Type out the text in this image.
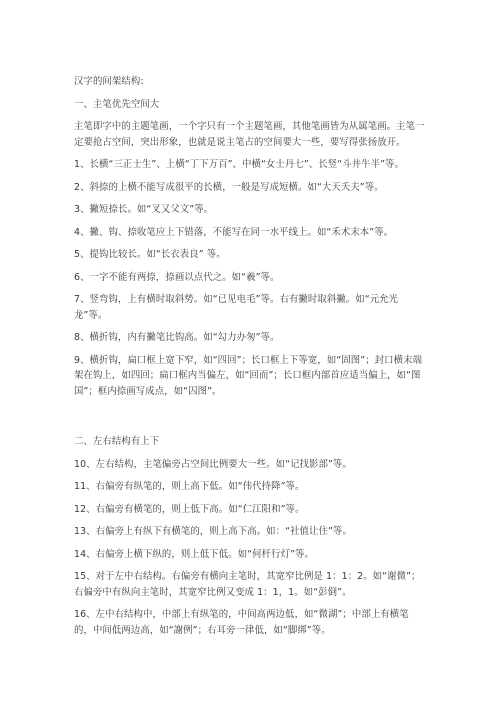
汉字的间架结构:

一、主笔优先空间大

主笔即字中的主题笔画，一个字只有一个主题笔画，其他笔画皆为从属笔画。主笔一定要抢占空间，突出形象，也就是说主笔占的空间要大一些，要写得张扬放开。

1、长横“三正士生”、上横“丁下万百”、中横“女士丹七”、长竖“斗井牛半”等。

2、斜捺的上横不能写成很平的长横，一般是写成短横。如“大天夭夫”等。

3、撇短捺长。如“叉又父文”等。

4、撇、钩、捺收笔应上下错落，不能写在同一水平线上。如“禾术末本”等。

5、提钩比较长。如“长衣表良” 等。

6、一字不能有两捺，捺画以点代之。如“羲”等。

7、竖弯钩，上有横时取斜势。如“已见电毛”等。右有撇时取斜撇。如“元允光龙”等。

8、横折钩，内有撇笔比钩高。如“勾力办匆”等。

9、横折钩，扁口框上宽下窄，如“四回”；长口框上下等宽，如“固图”；封口横末端架在钩上，如四回；扁口框内当偏左，如“回而”；长口框内部首应适当偏上，如“图国”；框内捺画写成点，如“囚图”。

二、左右结构有上下

10、左右结构，主笔偏旁占空间比例要大一些。如“记找影部”等。

11、右偏旁有纵笔的，则上高下低。如“伟代持降”等。

12、右偏旁有横笔的，则上低下高。如“仁江阳和”等。

13、右偏旁上有纵下有横笔的，则上高下高。如：“社值让住”等。

14、右偏旁上横下纵的，则上低下低。如“何杆行灯”等。

15、对于左中右结构。右偏旁有横向主笔时，其宽窄比例是 1：1：2。如“谢微”；右偏旁中有纵向主笔时，其宽窄比例又变成 1：1，1。如“彭倒”。

16、左中右结构中，中部上有纵笔的，中间高两边低，如“微湖”；中部上有横笔的，中间低两边高，如“謝例”；右耳旁一律低，如“脚绑”等。
